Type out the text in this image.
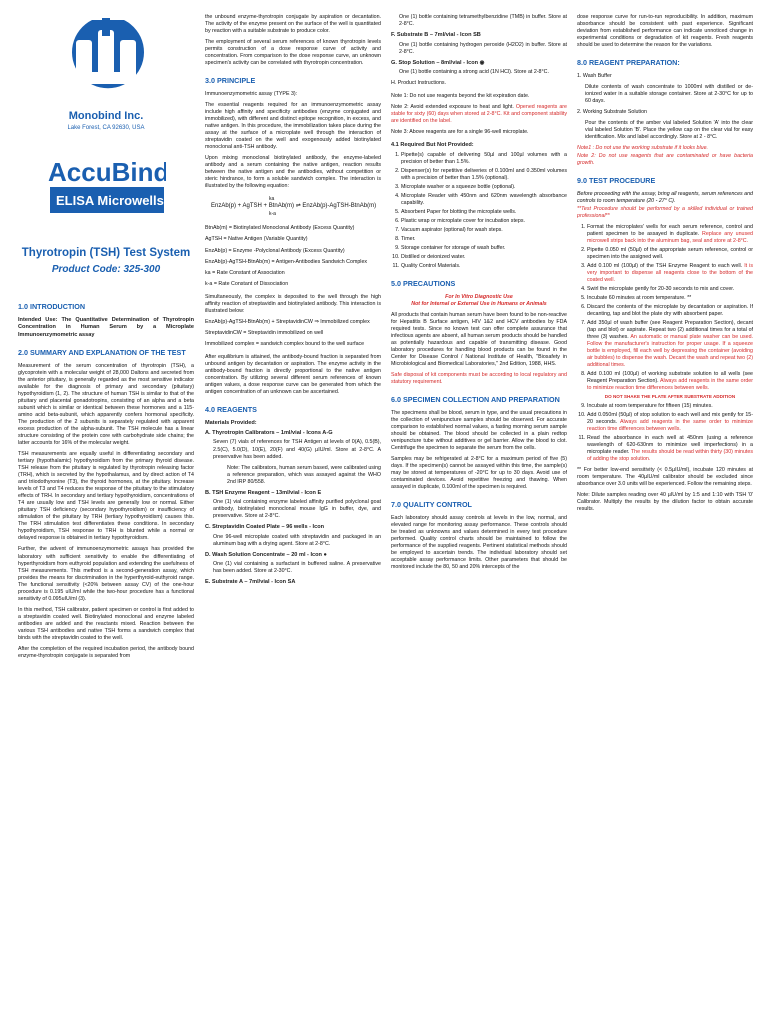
Monobind Inc.
Lake Forest, CA 92630, USA
AccuBind
ELISA Microwells
Thyrotropin (TSH) Test System
Product Code: 325-300
1.0 INTRODUCTION

Intended Use: The Quantitative Determination of Thyrotropin Concentration in Human Serum by a Microplate Immunoenzymometric assay

2.0 SUMMARY AND EXPLANATION OF THE TEST

Measurement of the serum concentration of thyrotropin (TSH), a glycoprotein with a molecular weight of 28,000 Daltons and secreted from the anterior pituitary, is generally regarded as the most sensitive indicator available for the diagnosis of primary and secondary (pituitary) hypothyroidism (1, 2). The structure of human TSH is similar to that of the pituitary and placental gonadotropins, consisting of an alpha and a beta subunit which is similar or identical between these hormones and a 115-amino acid beta-subunit, which apparently confers hormonal specificity. The production of the 2 subunits is separately regulated with apparent excess production of the alpha-subunit. The TSH molecule has a linear structure consisting of the protein core with carbohydrate side chains; the latter accounts for 16% of the molecular weight.

TSH measurements are equally useful in differentiating secondary and tertiary (hypothalamic) hypothyroidism from the primary thyroid disease. TSH release from the pituitary is regulated by thyrotropin releasing factor (TRH), which is secreted by the hypothalamus, and by direct action of T4 and triiodothyronine (T3), the thyroid hormones, at the pituitary. Increase levels of T3 and T4 reduces the response of the pituitary to the stimulatory effects of TRH. In secondary and tertiary hypothyroidism, concentrations of T4 are usually low and TSH levels are generally low or normal. Either pituitary TSH deficiency (secondary hypothyroidism) or insufficiency of stimulation of the pituitary by TRH (tertiary hypothyroidism) causes this. The TRH stimulation test differentiates these conditions. In secondary hypothyroidism, TSH response to TRH is blunted while a normal or delayed response is obtained in tertiary hypothyroidism.

Further, the advent of immunoenzymometric assays has provided the laboratory with sufficient sensitivity to enable the differentiating of hyperthyroidism from euthyroid population and extending the usefulness of TSH measurements. This method is a second-generation assay, which provides the means for discrimination in the hyperthyroid-euthyroid range. The functional sensitivity (<20% between assay CV) of the one-hour procedure is 0.195 uIU/ml while the two-hour procedure has a functional sensitivity of 0.095uIU/ml (3).

In this method, TSH calibrator, patient specimen or control is first added to a streptavidin coated well. Biotinylated monoclonal and enzyme labeled antibodies are added and the reactants mixed. Reaction between the various TSH antibodies and native TSH forms a sandwich complex that binds with the streptavidin coated to the well.

After the completion of the required incubation period, the antibody bound enzyme-thyrotropin conjugate is separated from

the unbound enzyme-thyrotropin conjugate by aspiration or decantation. The activity of the enzyme present on the surface of the well is quantitated by reaction with a suitable substrate to produce color.

The employment of several serum references of known thyrotropin levels permits construction of a dose response curve of activity and concentration. From comparison to the dose response curve, an unknown specimen's activity can be correlated with thyrotropin concentration.

3.0 PRINCIPLE

Immunoenzymometric assay (TYPE 3):

The essential reagents required for an immunoenzymometric assay include high affinity and specificity antibodies (enzyme conjugated and immobilized), with different and distinct epitope recognition, in excess, and native antigen. In this procedure, the immobilization takes place during the assay at the surface of a microplate well through the interaction of streptavidin coated on the well and exogenously added biotinylated monoclonal anti-TSH antibody.

Upon mixing monoclonal biotinylated antibody, the enzyme-labeled antibody and a serum containing the native antigen, reaction results between the native antigen and the antibodies, without competition or steric hindrance, to form a soluble sandwich complex. The interaction is illustrated by the following equation:

ka
EnzAb(p) + AgTSH + BtnAb(m) ⇌ EnzAb(p)-AgTSH-BtnAb(m)
k-a

BtnAb(m) = Biotinylated Monoclonal Antibody (Excess Quantity)

AgTSH = Native Antigen (Variable Quantity)

EnzAb(p) = Enzyme -Polyclonal Antibody (Excess Quantity)

EnzAb(p)-AgTSH-BtnAb(m) = Antigen-Antibodies Sandwich Complex

ka = Rate Constant of Association

k-a = Rate Constant of Dissociation

Simultaneously, the complex is deposited to the well through the high affinity reaction of streptavidin and biotinylated antibody. This interaction is illustrated below:

EnzAb(p)-AgTSH-BtnAb(m) + StreptavidinCW ⇒ Immobilized complex

StreptavidinCW = Streptavidin immobilized on well

Immobilized complex = sandwich complex bound to the well surface

After equilibrium is attained, the antibody-bound fraction is separated from unbound antigen by decantation or aspiration. The enzyme activity in the antibody-bound fraction is directly proportional to the native antigen concentration. By utilizing several different serum references of known antigen values, a dose response curve can be generated from which the antigen concentration of an unknown can be ascertained.

4.0 REAGENTS

Materials Provided:

A. Thyrotropin Calibrators – 1ml/vial - Icons A-G

Seven (7) vials of references for TSH Antigen at levels of 0(A), 0.5(B), 2.5(C), 5.0(D), 10(E), 20(F) and 40(G) µIU/ml. Store at 2-8°C. A preservative has been added.

Note: The calibrators, human serum based, were calibrated using a reference preparation, which was assayed against the WHO 2nd IRP 80/558.

B. TSH Enzyme Reagent – 13ml/vial - Icon E

One (1) vial containing enzyme labeled affinity purified polyclonal goat antibody, biotinylated monoclonal mouse IgG in buffer, dye, and preservative. Store at 2-8°C.

C. Streptavidin Coated Plate – 96 wells - Icon

One 96-well microplate coated with streptavidin and packaged in an aluminum bag with a drying agent. Store at 2-8°C.

D. Wash Solution Concentrate – 20 ml - Icon ●

One (1) vial containing a surfactant in buffered saline. A preservative has been added. Store at 2-30°C.

E. Substrate A – 7ml/vial - Icon SA

One (1) bottle containing tetramethylbenzidine (TMB) in buffer. Store at 2-8°C.

F. Substrate B – 7ml/vial - Icon SB

One (1) bottle containing hydrogen peroxide (H2O2) in buffer. Store at 2-8°C.

G. Stop Solution – 8ml/vial - Icon ◉

One (1) bottle containing a strong acid (1N HCl). Store at 2-8°C.

H. Product Instructions.

Note 1: Do not use reagents beyond the kit expiration date.

Note 2: Avoid extended exposure to heat and light. Opened reagents are stable for sixty (60) days when stored at 2-8°C. Kit and component stability are identified on the label.

Note 3: Above reagents are for a single 96-well microplate.

4.1 Required But Not Provided:

1. Pipette(s) capable of delivering 50µl and 100µl volumes with a precision of better than 1.5%.
2. Dispenser(s) for repetitive deliveries of 0.100ml and 0.350ml volumes with a precision of better than 1.5% (optional).
3. Microplate washer or a squeeze bottle (optional).
4. Microplate Reader with 450nm and 620nm wavelength absorbance capability.
5. Absorbent Paper for blotting the microplate wells.
6. Plastic wrap or microplate cover for incubation steps.
7. Vacuum aspirator (optional) for wash steps.
8. Timer.
9. Storage container for storage of wash buffer.
10. Distilled or deionized water.
11. Quality Control Materials.
5.0 PRECAUTIONS

For In Vitro Diagnostic Use

Not for Internal or External Use in Humans or Animals

All products that contain human serum have been found to be non-reactive for Hepatitis B Surface antigen, HIV 1&2 and HCV antibodies by FDA required tests. Since no known test can offer complete assurance that infectious agents are absent, all human serum products should be handled as potentially hazardous and capable of transmitting disease. Good laboratory procedures for handling blood products can be found in the Center for Disease Control / National Institute of Health, "Biosafety in Microbiological and Biomedical Laboratories," 2nd Edition, 1988, HHS.

Safe disposal of kit components must be according to local regulatory and statutory requirement.

6.0 SPECIMEN COLLECTION AND PREPARATION

The specimens shall be blood, serum in type, and the usual precautions in the collection of venipuncture samples should be observed. For accurate comparison to established normal values, a fasting morning serum sample should be obtained. The blood should be collected in a plain redtop venipuncture tube without additives or gel barrier. Allow the blood to clot. Centrifuge the specimen to separate the serum from the cells.

Samples may be refrigerated at 2-8°C for a maximum period of five (5) days. If the specimen(s) cannot be assayed within this time, the sample(s) may be stored at temperatures of -20°C for up to 30 days. Avoid use of contaminated devices. Avoid repetitive freezing and thawing. When assayed in duplicate, 0.100ml of the specimen is required.

7.0 QUALITY CONTROL

Each laboratory should assay controls at levels in the low, normal, and elevated range for monitoring assay performance. These controls should be treated as unknowns and values determined in every test procedure performed. Quality control charts should be maintained to follow the performance of the supplied reagents. Pertinent statistical methods should be employed to ascertain trends. The individual laboratory should set acceptable assay performance limits. Other parameters that should be monitored include the 80, 50 and 20% intercepts of the

dose response curve for run-to-run reproducibility. In addition, maximum absorbance should be consistent with past experience. Significant deviation from established performance can indicate unnoticed change in experimental conditions or degradation of kit reagents. Fresh reagents should be used to determine the reason for the variations.

8.0 REAGENT PREPARATION:

1. Wash Buffer

Dilute contents of wash concentrate to 1000ml with distilled or de-ionized water in a suitable storage container. Store at 2-30°C for up to 60 days.

2. Working Substrate Solution

Pour the contents of the amber vial labeled Solution 'A' into the clear vial labeled Solution 'B'. Place the yellow cap on the clear vial for easy identification. Mix and label accordingly. Store at 2 - 8°C.

Note1 : Do not use the working substrate if it looks blue.

Note 2: Do not use reagents that are contaminated or have bacteria growth.

9.0 TEST PROCEDURE

Before proceeding with the assay, bring all reagents, serum references and controls to room temperature (20 - 27° C).

**Test Procedure should be performed by a skilled individual or trained professional**

1. Format the microplates' wells for each serum reference, control and patient specimen to be assayed in duplicate. Replace any unused microwell strips back into the aluminum bag, seal and store at 2-8°C.
2. Pipette 0.050 ml (50µl) of the appropriate serum reference, control or specimen into the assigned well.
3. Add 0.100 ml (100µl) of the TSH Enzyme Reagent to each well. It is very important to dispense all reagents close to the bottom of the coated well.
4. Swirl the microplate gently for 20-30 seconds to mix and cover.
5. Incubate 60 minutes at room temperature. **
6. Discard the contents of the microplate by decantation or aspiration. If decanting, tap and blot the plate dry with absorbent paper.
7. Add 350µl of wash buffer (see Reagent Preparation Section), decant (tap and blot) or aspirate. Repeat two (2) additional times for a total of three (3) washes. An automatic or manual plate washer can be used. Follow the manufacturer's instruction for proper usage. If a squeeze bottle is employed, fill each well by depressing the container (avoiding air bubbles) to dispense the wash. Decant the wash and repeat two (2) additional times.
8. Add 0.100 ml (100µl) of working substrate solution to all wells (see Reagent Preparation Section). Always add reagents in the same order to minimize reaction time differences between wells.
DO NOT SHAKE THE PLATE AFTER SUBSTRATE ADDITION
9. Incubate at room temperature for fifteen (15) minutes.
10. Add 0.050ml (50µl) of stop solution to each well and mix gently for 15-20 seconds. Always add reagents in the same order to minimize reaction time differences between wells.
11. Read the absorbance in each well at 450nm (using a reference wavelength of 620-630nm to minimize well imperfections) in a microplate reader. The results should be read within thirty (30) minutes of adding the stop solution.

** For better low-end sensitivity (< 0.5µIU/ml), incubate 120 minutes at room temperature. The 40µIU/ml calibrator should be excluded since absorbance over 3.0 units will be experienced. Follow the remaining steps.

Note: Dilute samples reading over 40 µIU/ml by 1:5 and 1:10 with TSH '0' Calibrator. Multiply the results by the dilution factor to obtain accurate results.
